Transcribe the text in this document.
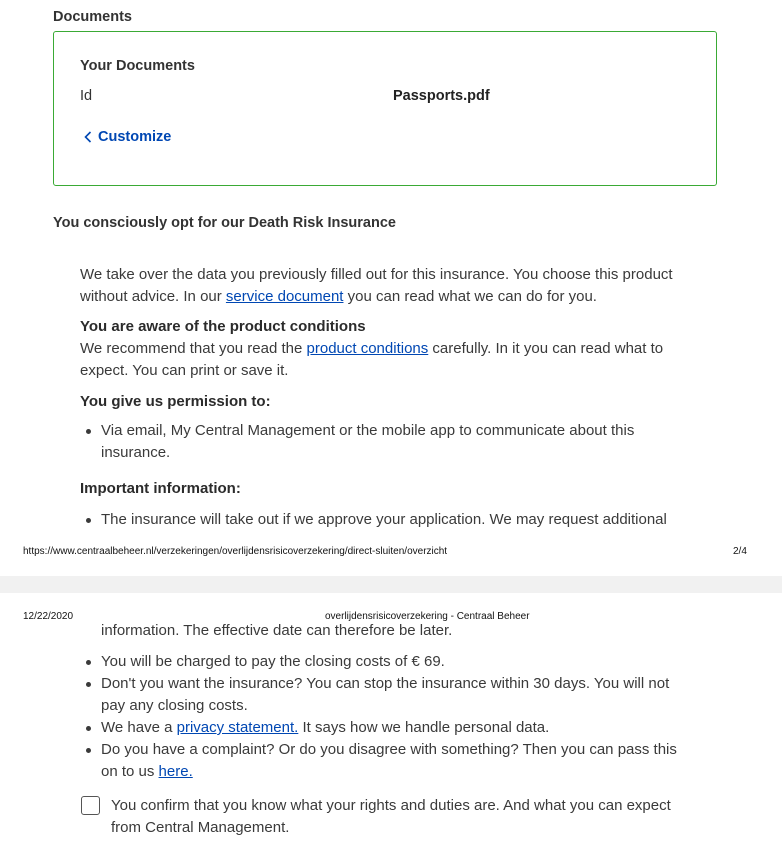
Documents
Your Documents
Id	Passports.pdf
Customize
You consciously opt for our Death Risk Insurance
We take over the data you previously filled out for this insurance. You choose this product without advice. In our service document you can read what we can do for you.
You are aware of the product conditions
We recommend that you read the product conditions carefully. In it you can read what to expect. You can print or save it.
You give us permission to:
Via email, My Central Management or the mobile app to communicate about this insurance.
Important information:
The insurance will take out if we approve your application. We may request additional
https://www.centraalbeheer.nl/verzekeringen/overlijdensrisicoverzekering/direct-sluiten/overzicht	2/4
12/22/2020	overlijdensrisicoverzekering - Centraal Beheer
information. The effective date can therefore be later.
You will be charged to pay the closing costs of € 69.
Don't you want the insurance? You can stop the insurance within 30 days. You will not pay any closing costs.
We have a privacy statement. It says how we handle personal data.
Do you have a complaint? Or do you disagree with something? Then you can pass this on to us here.
You confirm that you know what your rights and duties are. And what you can expect from Central Management.
